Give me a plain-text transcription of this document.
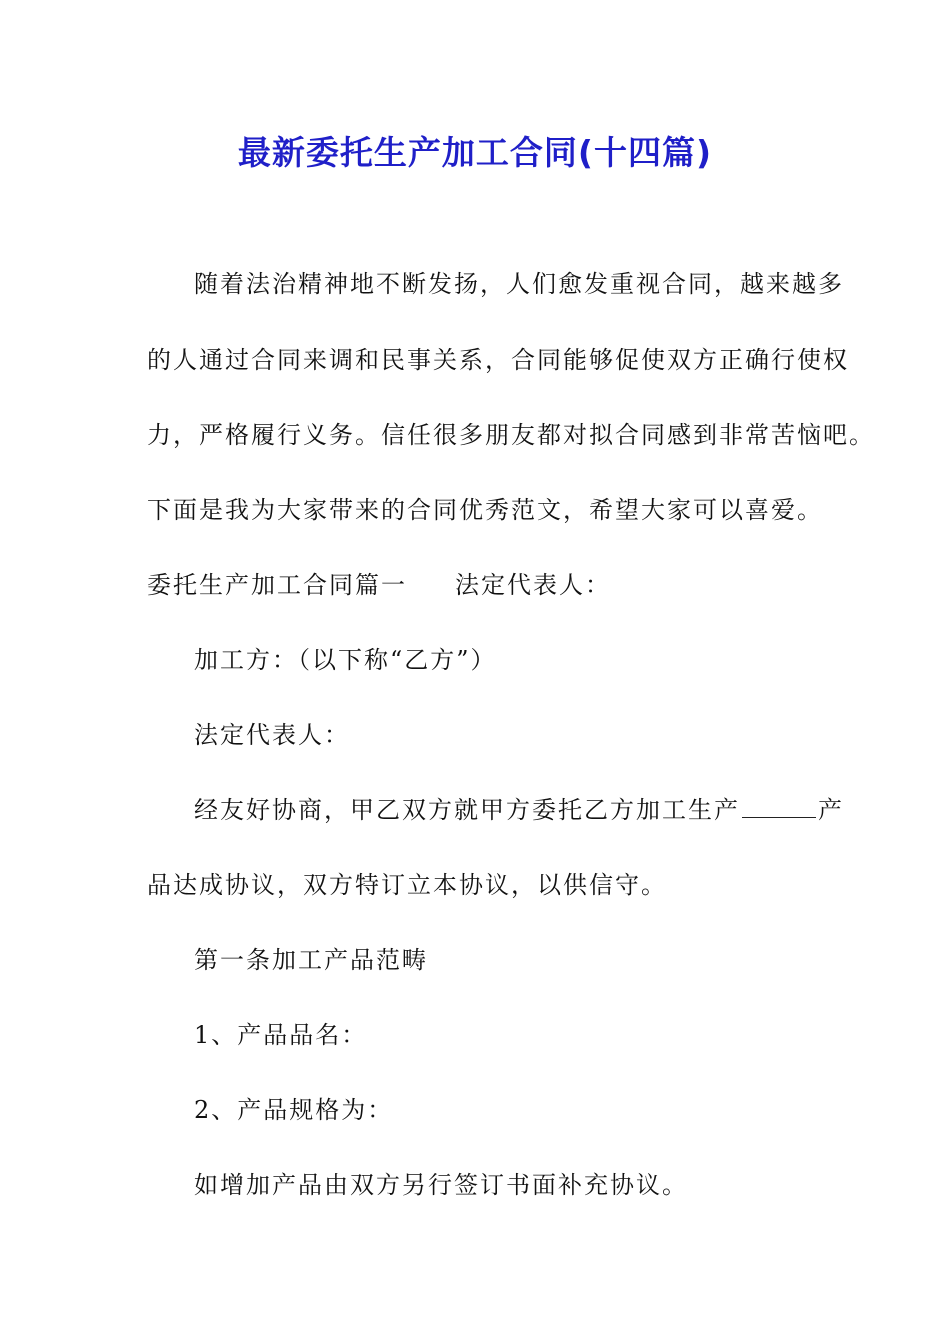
最新委托生产加工合同(十四篇)
随着法治精神地不断发扬，人们愈发重视合同，越来越多
的人通过合同来调和民事关系，合同能够促使双方正确行使权
力，严格履行义务。信任很多朋友都对拟合同感到非常苦恼吧。
下面是我为大家带来的合同优秀范文，希望大家可以喜爱。
委托生产加工合同篇一 法定代表人：
加工方：（以下称“乙方”）
法定代表人：
经友好协商，甲乙双方就甲方委托乙方加工生产	产
品达成协议，双方特订立本协议，以供信守。
第一条加工产品范畴
1、产品品名：
2、产品规格为：
如增加产品由双方另行签订书面补充协议。
